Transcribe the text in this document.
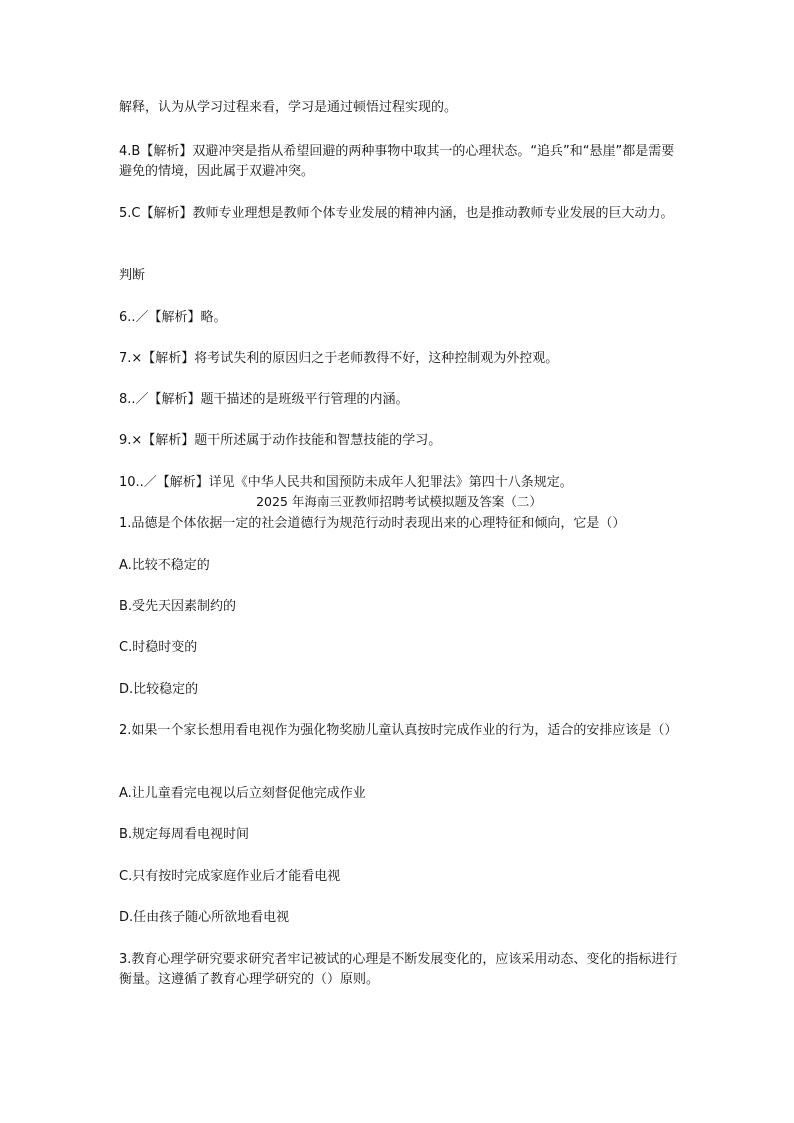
解释，认为从学习过程来看，学习是通过顿悟过程实现的。
4.B【解析】双避冲突是指从希望回避的两种事物中取其一的心理状态。“追兵”和“悬崖”都是需要避免的情境，因此属于双避冲突。
5.C【解析】教师专业理想是教师个体专业发展的精神内涵，也是推动教师专业发展的巨大动力。
判断
6..／【解析】略。
7.×【解析】将考试失利的原因归之于老师教得不好，这种控制观为外控观。
8..／【解析】题干描述的是班级平行管理的内涵。
9.×【解析】题干所述属于动作技能和智慧技能的学习。
10..／【解析】详见《中华人民共和国预防未成年人犯罪法》第四十八条规定。
2025 年海南三亚教师招聘考试模拟题及答案（二）
1.品德是个体依据一定的社会道德行为规范行动时表现出来的心理特征和倾向，它是（）
A.比较不稳定的
B.受先天因素制约的
C.时稳时变的
D.比较稳定的
2.如果一个家长想用看电视作为强化物奖励儿童认真按时完成作业的行为，适合的安排应该是（）
A.让儿童看完电视以后立刻督促他完成作业
B.规定每周看电视时间
C.只有按时完成家庭作业后才能看电视
D.任由孩子随心所欲地看电视
3.教育心理学研究要求研究者牢记被试的心理是不断发展变化的，应该采用动态、变化的指标进行衡量。这遵循了教育心理学研究的（）原则。
